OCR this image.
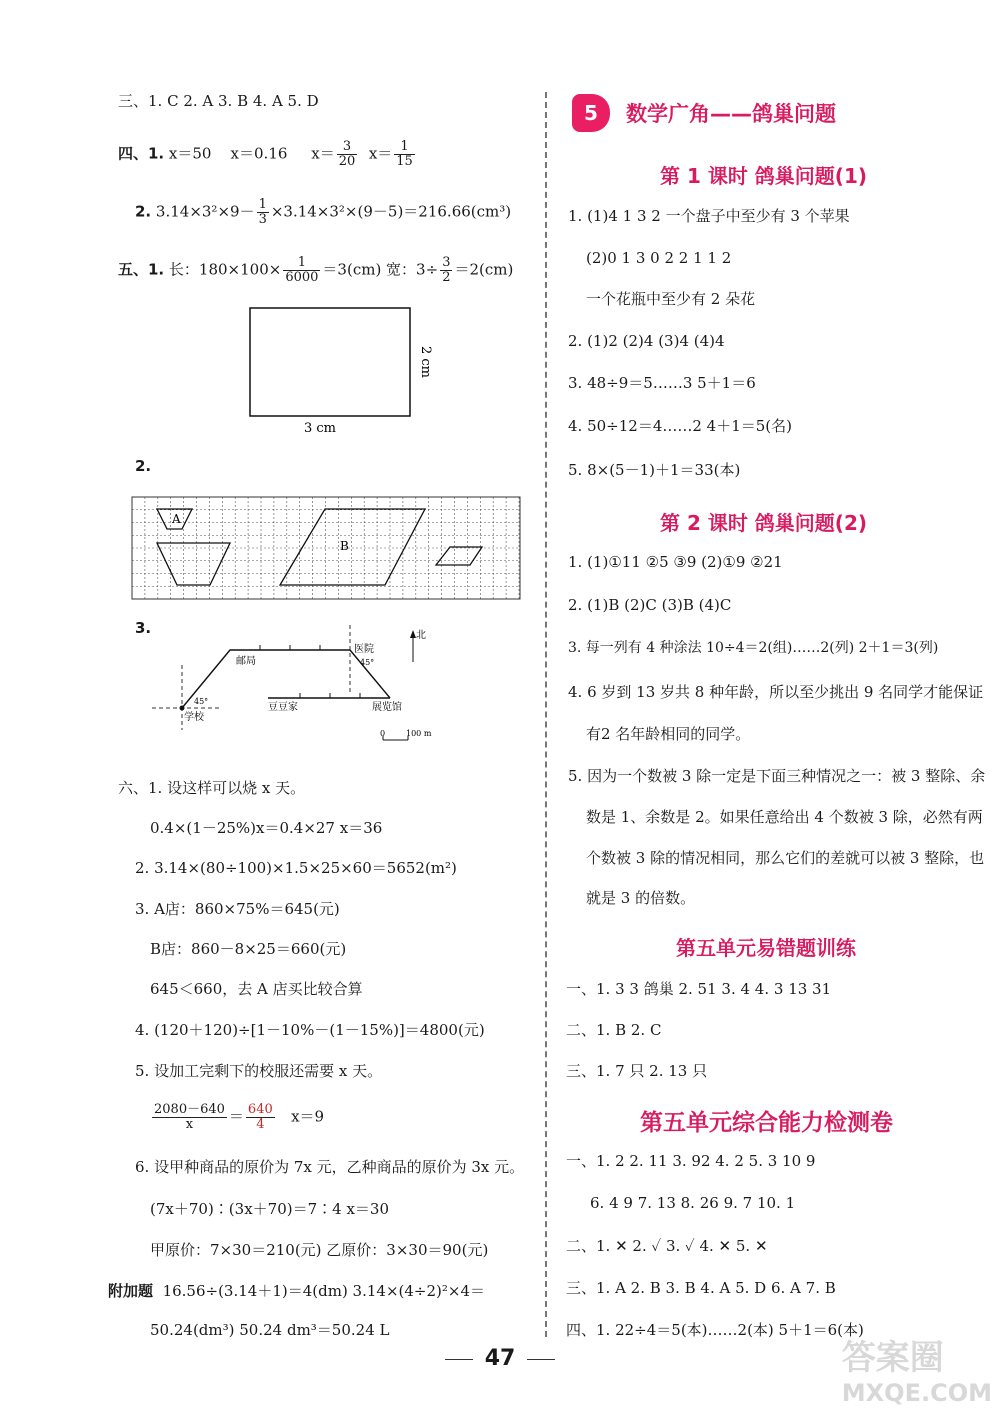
三、1. C 2. A 3. B 4. A 5. D
四、1. x＝50 x＝0.16 $x= \frac{3}{20} x= \frac{1}{15}$
2. $3.14\times 3^2\times 9- \frac{1}{3} \times 3.14\times 3^2\times(9-5)=216.66(cm^3)$
五、1. 长：$180\times 100\times \frac{1}{6000} =3(cm)$ 宽：$3\div \frac{3}{2} =2(cm)$
3 cm
2 cm
2.
A
B
3.
学校
45°
邮局
医院
45°
豆豆家	展览馆
北
0	100 m
六、1. 设这样可以烧 x 天。
0.4×(1－25%)x＝0.4×27 x＝36
2. 3.14×(80÷100)×1.5×25×60＝5652(m²)
3. A店：860×75%＝645(元)
B店：860－8×25＝660(元)
645＜660，去 A 店买比较合算
4. (120＋120)÷[1－10%－(1－15%)]＝4800(元)
5. 设加工完剩下的校服还需要 x 天。
$\frac{2080-640}{x} = \frac{640}{4} x=9$
6. 设甲种商品的原价为 7x 元，乙种商品的原价为 3x 元。
(7x＋70)∶(3x＋70)＝7∶4 x＝30
甲原价：7×30＝210(元) 乙原价：3×30＝90(元)
附加题 16.56÷(3.14＋1)＝4(dm) 3.14×(4÷2)²×4＝
50.24(dm³) 50.24 dm³＝50.24 L
5	数学广角——鸽巢问题
第 1 课时 鸽巢问题(1)
1. (1)4 1 3 2 一个盘子中至少有 3 个苹果
(2)0 1 3 0 2 2 1 1 2
一个花瓶中至少有 2 朵花
2. (1)2 (2)4 (3)4 (4)4
3. 48÷9＝5……3 5＋1＝6
4. 50÷12＝4……2 4＋1＝5(名)
5. 8×(5－1)＋1＝33(本)
第 2 课时 鸽巢问题(2)
1. (1)①11 ②5 ③9 (2)①9 ②21
2. (1)B (2)C (3)B (4)C
3. 每一列有 4 种涂法 10÷4＝2(组)……2(列) 2＋1＝3(列)
4. 6 岁到 13 岁共 8 种年龄，所以至少挑出 9 名同学才能保证
有2 名年龄相同的同学。
5. 因为一个数被 3 除一定是下面三种情况之一：被 3 整除、余
数是 1、余数是 2。如果任意给出 4 个数被 3 除，必然有两
个数被 3 除的情况相同，那么它们的差就可以被 3 整除，也
就是 3 的倍数。
第五单元易错题训练
一、1. 3 3 鸽巢 2. 51 3. 4 4. 3 13 31
二、1. B 2. C
三、1. 7 只 2. 13 只
第五单元综合能力检测卷
一、1. 2 2. 11 3. 92 4. 2 5. 3 10 9
6. 4 9 7. 13 8. 26 9. 7 10. 1
二、1. ✕ 2. ✓ 3. ✓ 4. ✕ 5. ✕
三、1. A 2. B 3. B 4. A 5. D 6. A 7. B
四、1. 22÷4＝5(本)……2(本) 5＋1＝6(本)
47	答案圈
MXQE.COM
